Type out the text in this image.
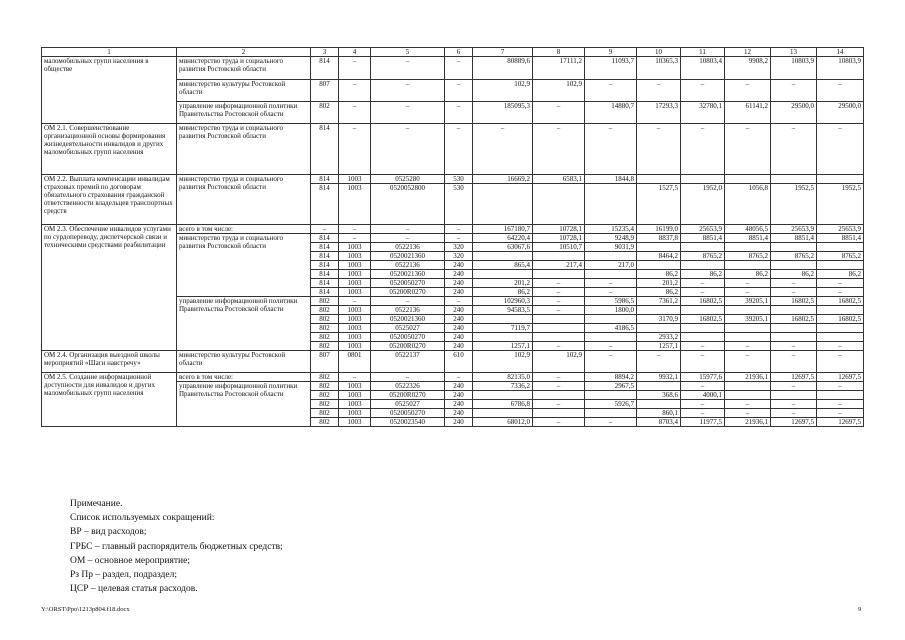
1	2	3	4	5	6	7	8	9	10	11	12	13	14
маломобильных групп населения в обществе	министерство труда и социального развития Ростовской области	814	–	–	–	80889,6	17111,2	11093,7	10365,3	10803,4	9908,2	10803,9	10803,9
	министерство культуры Ростовской области	807	–	–	–	102,9	102,9	–	–	–	–	–	–
	управление информационной политики Правительства Ростовской области	802	–	–	–	185095,3	–	14880,7	17293,3	32780,1	61141,2	29500,0	29500,0
ОМ 2.1. Совершенствование организационной основы формирования жизнедеятельности инвалидов и других маломобильных групп населения	министерство труда и социального развития Ростовской области	814	–	–	–	–	–	–	–	–	–	–	–
ОМ 2.2. Выплата компенсации инвалидам страховых премий по договорам обязательного страхования гражданской ответственности владельцев транспортных средств	министерство труда и социального развития Ростовской области	814	1003	0525280	530	16669,2	6583,1	1844,8					
		814	1003	0520052800	530				1527,5	1952,0	1056,8	1952,5	1952,5
ОМ 2.3. Обеспечение инвалидов услугами по сурдопереводу, диспетчерской связи и техническими средствами реабилитации	всего в том числе:	–	–	–	–	167180,7	10728,1	15235,4	16199,0	25653,9	48056,5	25653,9	25653,9
	министерство труда и социального развития Ростовской области	814	–	–	–	64220,4	10728,1	9248,9	8837,8	8851,4	8851,4	8851,4	8851,4
		814	1003	0522136	320	63067,6	10510,7	9031,9					
		814	1003	0520021360	320				8464,2	8765,2	8765,2	8765,2	8765,2
		814	1003	0522136	240	865,4	217,4	217,0					
		814	1003	0520021360	240				86,2	86,2	86,2	86,2	86,2
		814	1003	0520050270	240	201,2	–	–	201,2	–	–	–	–
		814	1003	05200R0270	240	86,2	–	–	86,2	–	–	–	–
	управление информационной политики Правительства Ростовской области	802	–	–	–	102960,3	–	5986,5	7361,2	16802,5	39205,1	16802,5	16802,5
		802	1003	0522136	240	94583,5	–	1800,0					
		802	1003	0520021360	240				3170,9	16802,5	39205,1	16802,5	16802,5
		802	1003	0525027	240	7119,7		4186,5					
		802	1003	0520050270	240				2933,2				
		802	1003	05200R0270	240	1257,1	–	–	1257,1	–	–	–	–
ОМ 2.4. Организация выездной школы мероприятий «Шаги навстречу»	министерство культуры Ростовской области	807	0801	0522137	610	102,9	102,9	–	–	–	–	–	–
ОМ 2.5. Создание информационной доступности для инвалидов и других маломобильных групп населения	всего в том числе:	802	–	–	–	82135,0	–	8894,2	9932,1	15977,6	21936,1	12697,5	12697,5
	управление информационной политики Правительства Ростовской области	802	1003	0522326	240	7336,2	–	2967,5		–		–	–
		802	1003	05200R0270	240				368,6	4000,1			
		802	1003	0525027	240	6786,8	–	5926,7		–	–	–	–
		802	1003	0520050270	240				860,1	–	–	–	–
		802	1003	0520023540	240	68012,0	–	–	8703,4	11977,5	21936,1	12697,5	12697,5
Примечание.
Список используемых сокращений:
ВР – вид расходов;
ГРБС – главный распорядитель бюджетных средств;
ОМ – основное мероприятие;
Рз Пр – раздел, подраздел;
ЦСР – целевая статья расходов.
Y:\ORST\Ppo\1213p804.f18.docx	9
